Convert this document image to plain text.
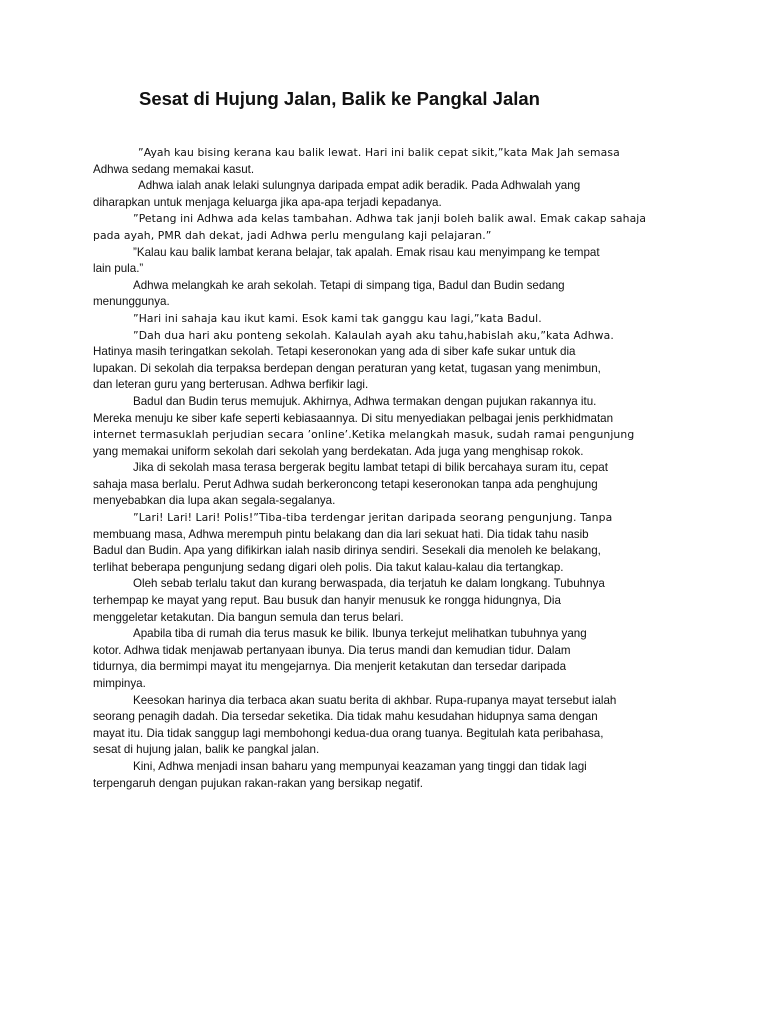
Sesat di Hujung Jalan, Balik ke Pangkal Jalan
”Ayah kau bising kerana kau balik lewat. Hari ini balik cepat sikit,”kata Mak Jah semasa
Adhwa sedang memakai kasut.
Adhwa ialah anak lelaki sulungnya daripada empat adik beradik. Pada Adhwalah yang
diharapkan untuk menjaga keluarga jika apa-apa terjadi kepadanya.
”Petang ini Adhwa ada kelas tambahan. Adhwa tak janji boleh balik awal. Emak cakap sahaja
pada ayah, PMR dah dekat, jadi Adhwa perlu mengulang kaji pelajaran.”
”Kalau kau balik lambat kerana belajar, tak apalah. Emak risau kau menyimpang ke tempat
lain pula.”
Adhwa melangkah ke arah sekolah. Tetapi di simpang tiga, Badul dan Budin sedang
menunggunya.
”Hari ini sahaja kau ikut kami. Esok kami tak ganggu kau lagi,”kata Badul.
”Dah dua hari aku ponteng sekolah. Kalaulah ayah aku tahu,habislah aku,”kata Adhwa.
Hatinya masih teringatkan sekolah. Tetapi keseronokan yang ada di siber kafe sukar untuk dia
lupakan. Di sekolah dia terpaksa berdepan dengan peraturan yang ketat, tugasan yang menimbun,
dan leteran guru yang berterusan. Adhwa berfikir lagi.
Badul dan Budin terus memujuk. Akhirnya, Adhwa termakan dengan pujukan rakannya itu.
Mereka menuju ke siber kafe seperti kebiasaannya. Di situ menyediakan pelbagai jenis perkhidmatan
internet termasuklah perjudian secara ’online’.Ketika melangkah masuk, sudah ramai pengunjung
yang memakai uniform sekolah dari sekolah yang berdekatan. Ada juga yang menghisap rokok.
Jika di sekolah masa terasa bergerak begitu lambat tetapi di bilik bercahaya suram itu, cepat
sahaja masa berlalu. Perut Adhwa sudah berkeroncong tetapi keseronokan tanpa ada penghujung
menyebabkan dia lupa akan segala-segalanya.
”Lari! Lari! Lari! Polis!”Tiba-tiba terdengar jeritan daripada seorang pengunjung. Tanpa
membuang masa, Adhwa merempuh pintu belakang dan dia lari sekuat hati. Dia tidak tahu nasib
Badul dan Budin. Apa yang difikirkan ialah nasib dirinya sendiri. Sesekali dia menoleh ke belakang,
terlihat beberapa pengunjung sedang digari oleh polis. Dia takut kalau-kalau dia tertangkap.
Oleh sebab terlalu takut dan kurang berwaspada, dia terjatuh ke dalam longkang. Tubuhnya
terhempap ke mayat yang reput. Bau busuk dan hanyir menusuk ke rongga hidungnya, Dia
menggeletar ketakutan. Dia bangun semula dan terus belari.
Apabila tiba di rumah dia terus masuk ke bilik. Ibunya terkejut melihatkan tubuhnya yang
kotor. Adhwa tidak menjawab pertanyaan ibunya. Dia terus mandi dan kemudian tidur. Dalam
tidurnya, dia bermimpi mayat itu mengejarnya. Dia menjerit ketakutan dan tersedar daripada
mimpinya.
Keesokan harinya dia terbaca akan suatu berita di akhbar. Rupa-rupanya mayat tersebut ialah
seorang penagih dadah. Dia tersedar seketika. Dia tidak mahu kesudahan hidupnya sama dengan
mayat itu. Dia tidak sanggup lagi membohongi kedua-dua orang tuanya. Begitulah kata peribahasa,
sesat di hujung jalan, balik ke pangkal jalan.
Kini, Adhwa menjadi insan baharu yang mempunyai keazaman yang tinggi dan tidak lagi
terpengaruh dengan pujukan rakan-rakan yang bersikap negatif.
